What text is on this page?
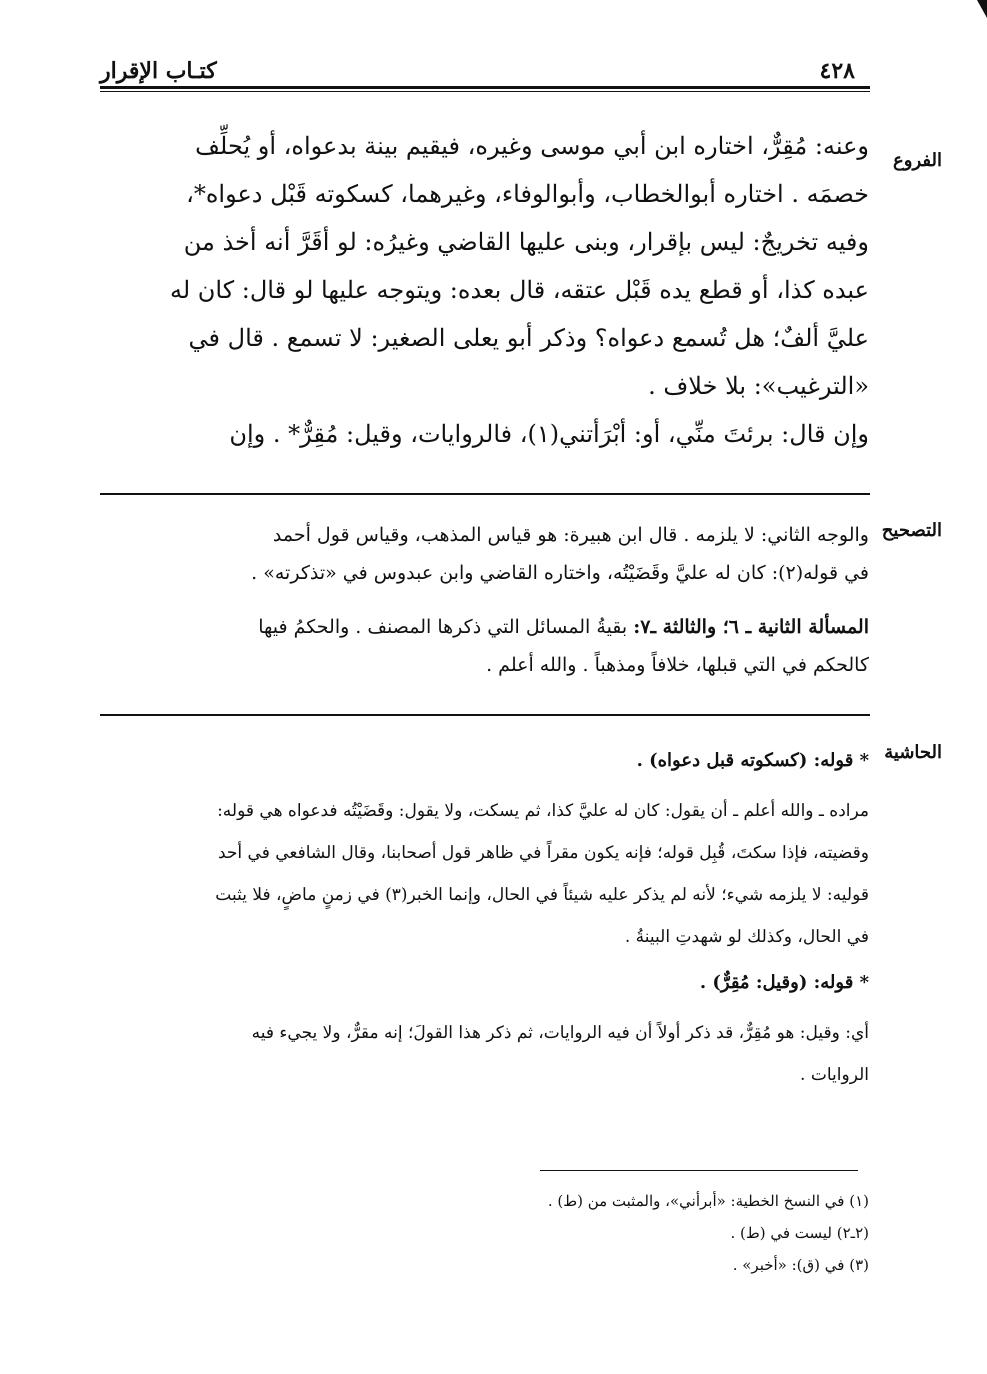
كتـاب الإقرار	٤٢٨
الفروع
وعنه: مُقِرٌّ، اختاره ابن أبي موسى وغيره، فيقيم بينة بدعواه، أو يُحلِّف
خصمَه . اختاره أبوالخطاب، وأبوالوفاء، وغيرهما، كسكوته قَبْل دعواه*،
وفيه تخريجٌ: ليس بإقرار، وبنى عليها القاضي وغيرُه: لو أقَرَّ أنه أخذ من
عبده كذا، أو قطع يده قَبْل عتقه، قال بعده: ويتوجه عليها لو قال: كان له
عليَّ ألفٌ؛ هل تُسمع دعواه؟ وذكر أبو يعلى الصغير: لا تسمع . قال في
«الترغيب»: بلا خلاف .
وإن قال: برئتَ منِّي، أو: أبْرَأتني(١)، فالروايات، وقيل: مُقِرٌّ* . وإن
التصحيح
والوجه الثاني: لا يلزمه . قال ابن هبيرة: هو قياس المذهب، وقياس قول أحمد
في قوله(٢): كان له عليَّ وقَضَيْتُه، واختاره القاضي وابن عبدوس في «تذكرته» .
المسألة الثانية ـ ٦؛ والثالثة ـ٧: بقيةُ المسائل التي ذكرها المصنف . والحكمُ فيها
كالحكم في التي قبلها، خلافاً ومذهباً . والله أعلم .
الحاشية
* قوله: (كسكوته قبل دعواه) .
مراده ـ والله أعلم ـ أن يقول: كان له عليَّ كذا، ثم يسكت، ولا يقول: وقَضَيْتُه فدعواه هي قوله:
وقضيته، فإذا سكتَ، قُبِل قوله؛ فإنه يكون مقراً في ظاهر قول أصحابنا، وقال الشافعي في أحد
قوليه: لا يلزمه شيء؛ لأنه لم يذكر عليه شيئاً في الحال، وإنما الخبر(٣) في زمنٍ ماضٍ، فلا يثبت
في الحال، وكذلك لو شهدتِ البينةُ .
* قوله: (وقيل: مُقِرٌّ) .
أي: وقيل: هو مُقِرٌّ، قد ذكر أولاً أن فيه الروايات، ثم ذكر هذا القولَ؛ إنه مقرٌّ، ولا يجيء فيه
الروايات .
(١) في النسخ الخطية: «أبرأني»، والمثبت من (ط) .
(٢ـ٢) ليست في (ط) .
(٣) في (ق): «أخبر» .
